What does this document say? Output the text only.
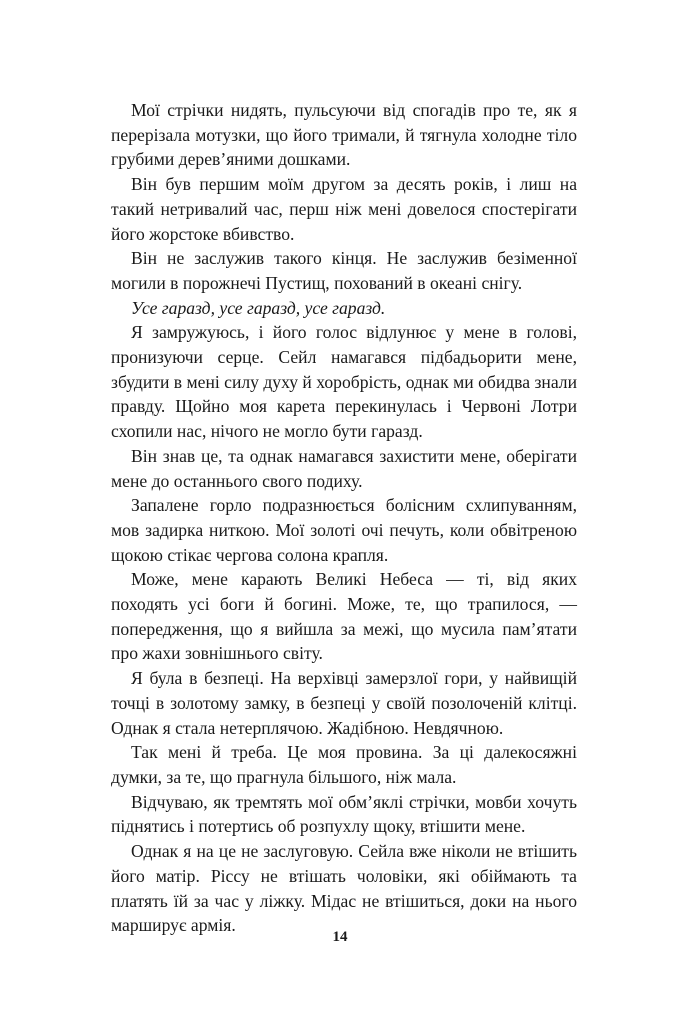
Мої стрічки нидять, пульсуючи від спогадів про те, як я перерізала мотузки, що його тримали, й тягнула холодне тіло грубими дерев’яними дошками.

Він був першим моїм другом за десять років, і лиш на такий нетривалий час, перш ніж мені довелося спостерігати його жорстоке вбивство.

Він не заслужив такого кінця. Не заслужив безіменної могили в порожнечі Пустищ, похований в океані снігу.

Усе гаразд, усе гаразд, усе гаразд.

Я замружуюсь, і його голос відлунює у мене в голові, пронизуючи серце. Сейл намагався підбадьорити мене, збудити в мені силу духу й хоробрість, однак ми обидва знали правду. Щойно моя карета перекинулась і Червоні Лотри схопили нас, нічого не могло бути гаразд.

Він знав це, та однак намагався захистити мене, оберігати мене до останнього свого подиху.

Запалене горло подразнюється болісним схлипуванням, мов задирка ниткою. Мої золоті очі печуть, коли обвітреною щокою стікає чергова солона крапля.

Може, мене карають Великі Небеса — ті, від яких походять усі боги й богині. Може, те, що трапилося, — попередження, що я вийшла за межі, що мусила пам’ятати про жахи зовнішнього світу.

Я була в безпеці. На верхівці замерзлої гори, у найвищій точці в золотому замку, в безпеці у своїй позолоченій клітці. Однак я стала нетерплячою. Жадібною. Невдячною.

Так мені й треба. Це моя провина. За ці далекосяжні думки, за те, що прагнула більшого, ніж мала.

Відчуваю, як тремтять мої обм’яклі стрічки, мовби хочуть піднятись і потертись об розпухлу щоку, втішити мене.

Однак я на це не заслуговую. Сейла вже ніколи не втішить його матір. Ріссу не втішать чоловіки, які обіймають та платять їй за час у ліжку. Мідас не втішиться, доки на нього марширує армія.

14
